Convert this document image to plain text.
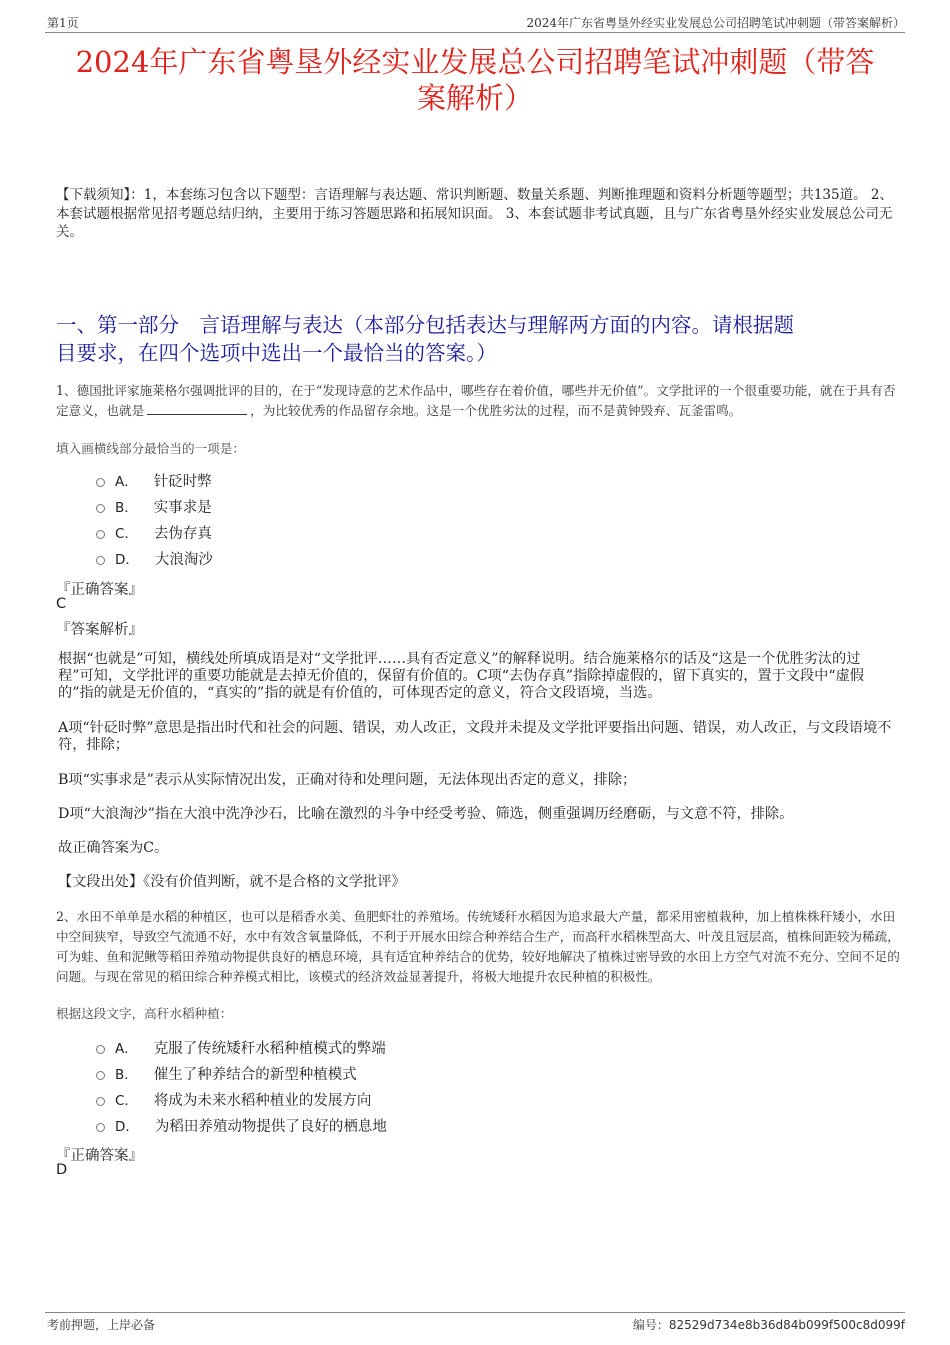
第1页	2024年广东省粤垦外经实业发展总公司招聘笔试冲刺题（带答案解析）
2024年广东省粤垦外经实业发展总公司招聘笔试冲刺题（带答
案解析）
【下载须知】：1，本套练习包含以下题型：言语理解与表达题、常识判断题、数量关系题、判断推理题和资料分析题等题型；共135道。 2、本套试题根据常见招考题总结归纳，主要用于练习答题思路和拓展知识面。 3、本套试题非考试真题，且与广东省粤垦外经实业发展总公司无关。
一、第一部分　言语理解与表达（本部分包括表达与理解两方面的内容。请根据题
目要求，在四个选项中选出一个最恰当的答案。）
1、德国批评家施莱格尔强调批评的目的，在于“发现诗意的艺术作品中，哪些存在着价值，哪些并无价值”。文学批评的一个很重要功能，就在于具有否定意义，也就是	，为比较优秀的作品留存余地。这是一个优胜劣汰的过程，而不是黄钟毁弃、瓦釜雷鸣。
填入画横线部分最恰当的一项是：
A． 针砭时弊
B． 实事求是
C． 去伪存真
D． 大浪淘沙
『正确答案』
C
『答案解析』
根据“也就是”可知，横线处所填成语是对“文学批评……具有否定意义”的解释说明。结合施莱格尔的话及“这是一个优胜劣汰的过程”可知，文学批评的重要功能就是去掉无价值的，保留有价值的。C项“去伪存真”指除掉虚假的，留下真实的，置于文段中“虚假的”指的就是无价值的，“真实的”指的就是有价值的，可体现否定的意义，符合文段语境，当选。
A项“针砭时弊”意思是指出时代和社会的问题、错误，劝人改正，文段并未提及文学批评要指出问题、错误，劝人改正，与文段语境不符，排除；
B项“实事求是”表示从实际情况出发，正确对待和处理问题，无法体现出否定的意义，排除；
D项“大浪淘沙”指在大浪中洗净沙石，比喻在激烈的斗争中经受考验、筛选，侧重强调历经磨砺，与文意不符，排除。
故正确答案为C。
【文段出处】《没有价值判断，就不是合格的文学批评》
2、水田不单单是水稻的种植区，也可以是稻香水美、鱼肥虾壮的养殖场。传统矮秆水稻因为追求最大产量，都采用密植栽种，加上植株株秆矮小，水田中空间狭窄，导致空气流通不好，水中有效含氧量降低，不利于开展水田综合种养结合生产，而高秆水稻株型高大、叶茂且冠层高，植株间距较为稀疏，可为蛙、鱼和泥鳅等稻田养殖动物提供良好的栖息环境，具有适宜种养结合的优势，较好地解决了植株过密导致的水田上方空气对流不充分、空间不足的问题。与现在常见的稻田综合种养模式相比，该模式的经济效益显著提升，将极大地提升农民种植的积极性。
根据这段文字，高秆水稻种植：
A． 克服了传统矮秆水稻种植模式的弊端
B． 催生了种养结合的新型种植模式
C． 将成为未来水稻种植业的发展方向
D． 为稻田养殖动物提供了良好的栖息地
『正确答案』
D
考前押题，上岸必备	编号：82529d734e8b36d84b099f500c8d099f
